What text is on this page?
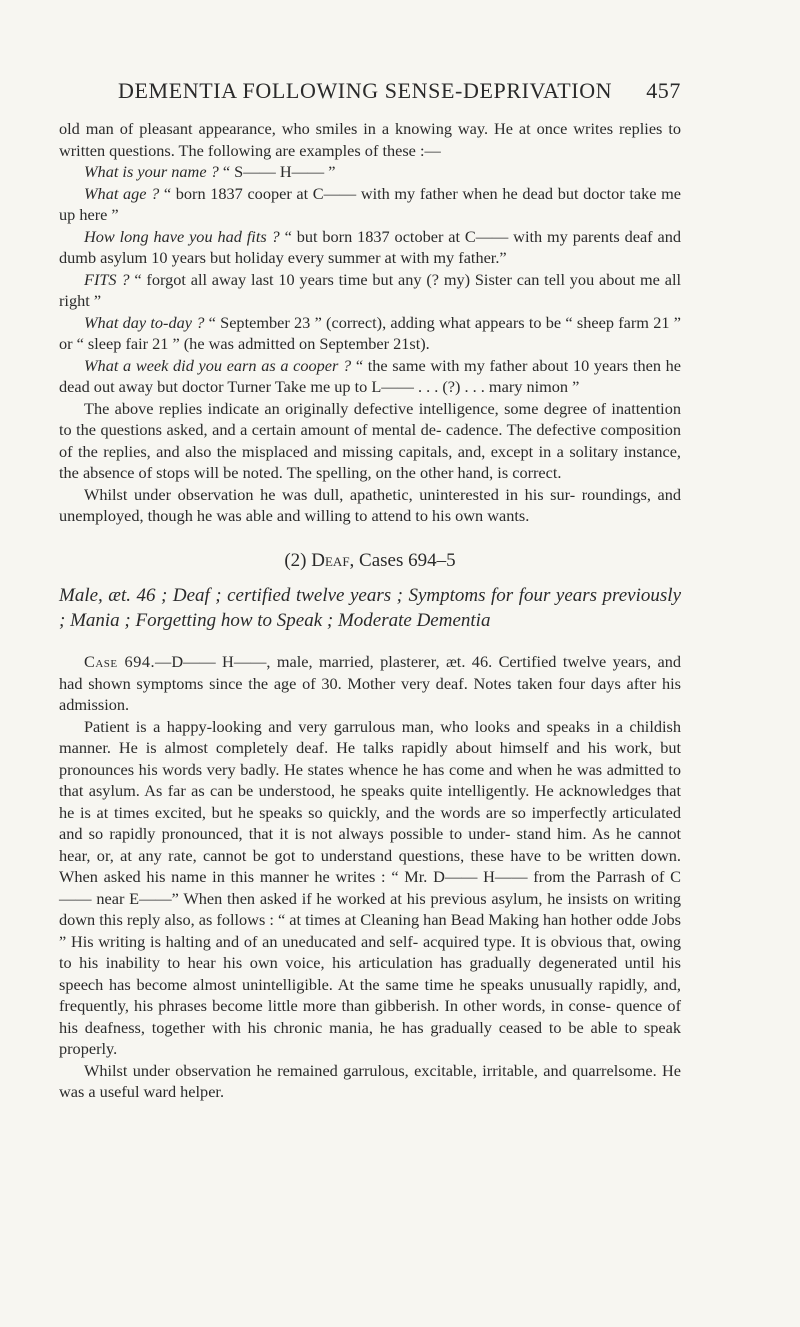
DEMENTIA FOLLOWING SENSE-DEPRIVATION 457

old man of pleasant appearance, who smiles in a knowing way. He at once writes replies to written questions. The following are examples of these :—

What is your name ? “ S—— H—— ”

What age ? “ born 1837 cooper at C—— with my father when he dead but doctor take me up here ”

How long have you had fits ? “ but born 1837 october at C—— with my parents deaf and dumb asylum 10 years but holiday every summer at with my father.”

FITS ? “ forgot all away last 10 years time but any (? my) Sister can tell you about me all right ”

What day to-day ? “ September 23 ” (correct), adding what appears to be “ sheep farm 21 ” or “ sleep fair 21 ” (he was admitted on September 21st).

What a week did you earn as a cooper ? “ the same with my father about 10 years then he dead out away but doctor Turner Take me up to L—— . . . (?) . . . mary nimon ”

The above replies indicate an originally defective intelligence, some degree of inattention to the questions asked, and a certain amount of mental de- cadence. The defective composition of the replies, and also the misplaced and missing capitals, and, except in a solitary instance, the absence of stops will be noted. The spelling, on the other hand, is correct.

Whilst under observation he was dull, apathetic, uninterested in his sur- roundings, and unemployed, though he was able and willing to attend to his own wants.

(2) Deaf, Cases 694–5
Male, æt. 46 ; Deaf ; certified twelve years ; Symptoms for four years previously ; Mania ; Forgetting how to Speak ; Moderate Dementia

Case 694.—D—— H——, male, married, plasterer, æt. 46. Certified twelve years, and had shown symptoms since the age of 30. Mother very deaf. Notes taken four days after his admission.

Patient is a happy-looking and very garrulous man, who looks and speaks in a childish manner. He is almost completely deaf. He talks rapidly about himself and his work, but pronounces his words very badly. He states whence he has come and when he was admitted to that asylum. As far as can be understood, he speaks quite intelligently. He acknowledges that he is at times excited, but he speaks so quickly, and the words are so imperfectly articulated and so rapidly pronounced, that it is not always possible to under- stand him. As he cannot hear, or, at any rate, cannot be got to understand questions, these have to be written down. When asked his name in this manner he writes : “ Mr. D—— H—— from the Parrash of C—— near E——” When then asked if he worked at his previous asylum, he insists on writing down this reply also, as follows : “ at times at Cleaning han Bead Making han hother odde Jobs ” His writing is halting and of an uneducated and self- acquired type. It is obvious that, owing to his inability to hear his own voice, his articulation has gradually degenerated until his speech has become almost unintelligible. At the same time he speaks unusually rapidly, and, frequently, his phrases become little more than gibberish. In other words, in conse- quence of his deafness, together with his chronic mania, he has gradually ceased to be able to speak properly.

Whilst under observation he remained garrulous, excitable, irritable, and quarrelsome. He was a useful ward helper.
